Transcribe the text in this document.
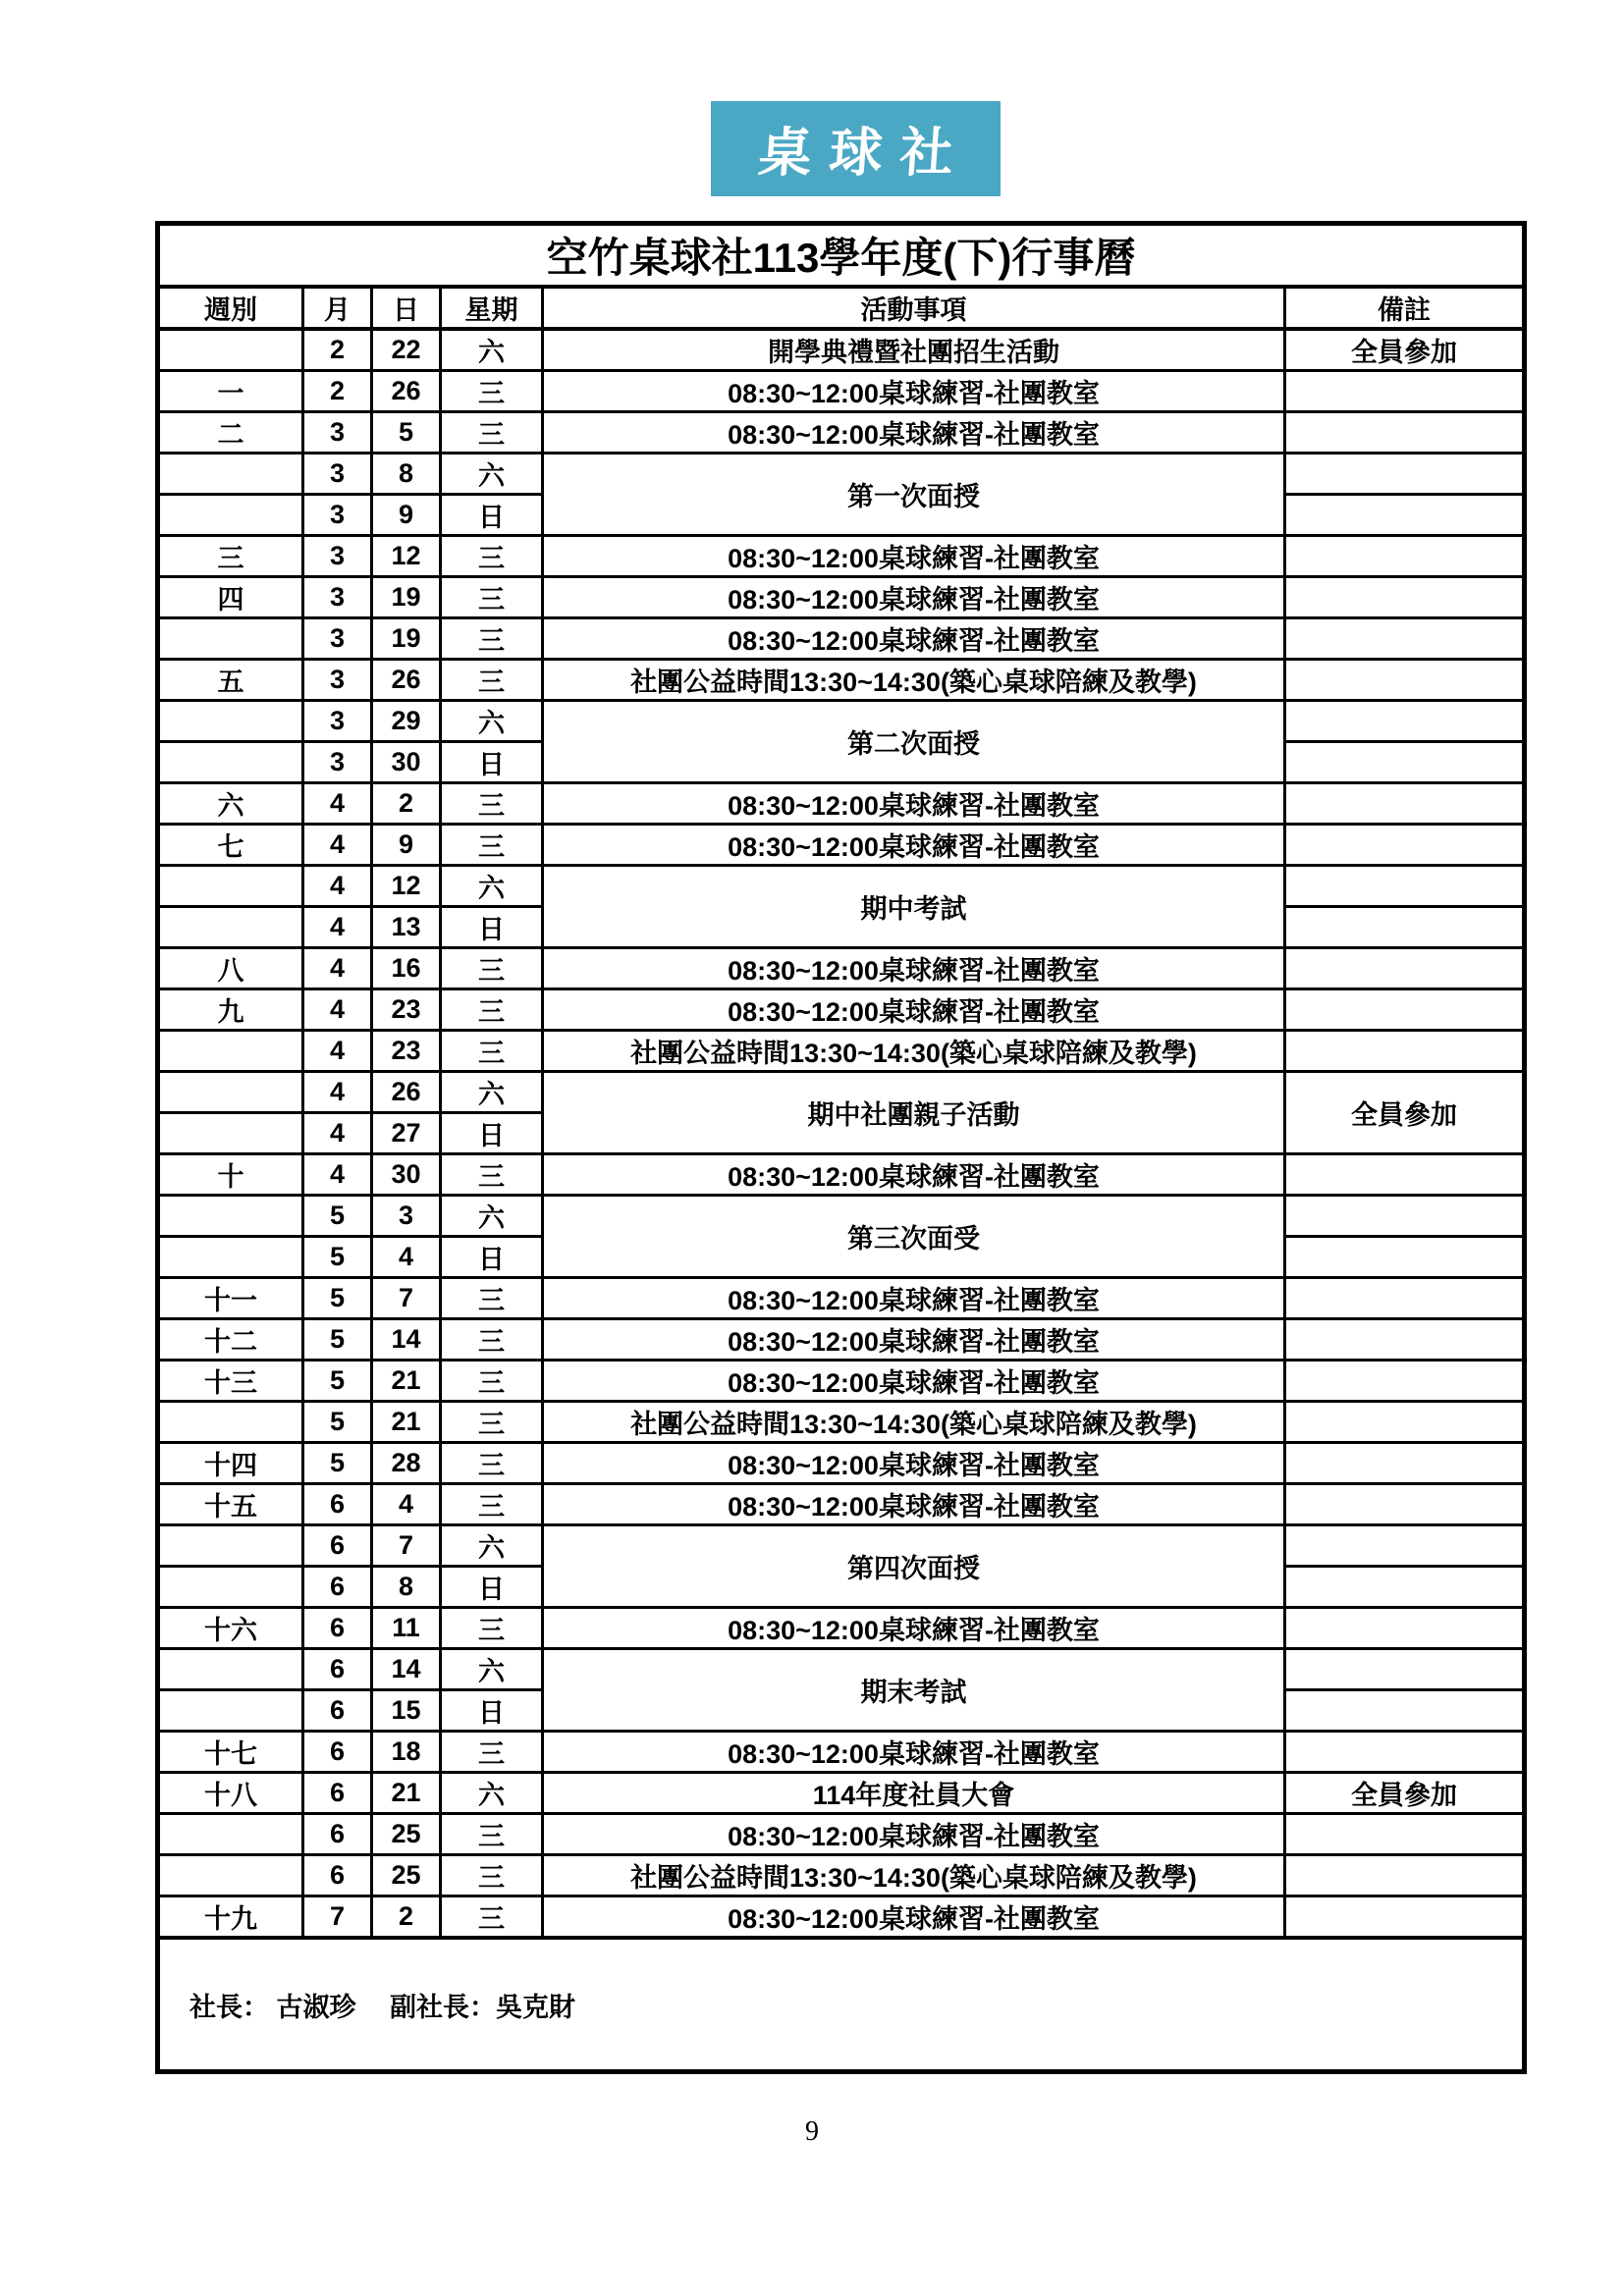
桌球社
空竹桌球社113學年度(下)行事曆					
週別	月	日	星期	活動事項	備註
	2	22	六	開學典禮暨社團招生活動	全員參加
一	2	26	三	08:30~12:00桌球練習-社團教室	
二	3	5	三	08:30~12:00桌球練習-社團教室	
	3	8	六	第一次面授	
	3	9	日		
三	3	12	三	08:30~12:00桌球練習-社團教室	
四	3	19	三	08:30~12:00桌球練習-社團教室	
	3	19	三	08:30~12:00桌球練習-社團教室	
五	3	26	三	社團公益時間13:30~14:30(築心桌球陪練及教學)	
	3	29	六	第二次面授	
	3	30	日		
六	4	2	三	08:30~12:00桌球練習-社團教室	
七	4	9	三	08:30~12:00桌球練習-社團教室	
	4	12	六	期中考試	
	4	13	日		
八	4	16	三	08:30~12:00桌球練習-社團教室	
九	4	23	三	08:30~12:00桌球練習-社團教室	
	4	23	三	社團公益時間13:30~14:30(築心桌球陪練及教學)	
	4	26	六	期中社團親子活動	全員參加
	4	27	日		
十	4	30	三	08:30~12:00桌球練習-社團教室	
	5	3	六	第三次面受	
	5	4	日		
十一	5	7	三	08:30~12:00桌球練習-社團教室	
十二	5	14	三	08:30~12:00桌球練習-社團教室	
十三	5	21	三	08:30~12:00桌球練習-社團教室	
	5	21	三	社團公益時間13:30~14:30(築心桌球陪練及教學)	
十四	5	28	三	08:30~12:00桌球練習-社團教室	
十五	6	4	三	08:30~12:00桌球練習-社團教室	
	6	7	六	第四次面授	
	6	8	日		
十六	6	11	三	08:30~12:00桌球練習-社團教室	
	6	14	六	期末考試	
	6	15	日		
十七	6	18	三	08:30~12:00桌球練習-社團教室	
十八	6	21	六	114年度社員大會	全員參加
	6	25	三	08:30~12:00桌球練習-社團教室	
	6	25	三	社團公益時間13:30~14:30(築心桌球陪練及教學)	
十九	7	2	三	08:30~12:00桌球練習-社團教室	
社長： 古淑珍　 副社長：吳克財					
9
